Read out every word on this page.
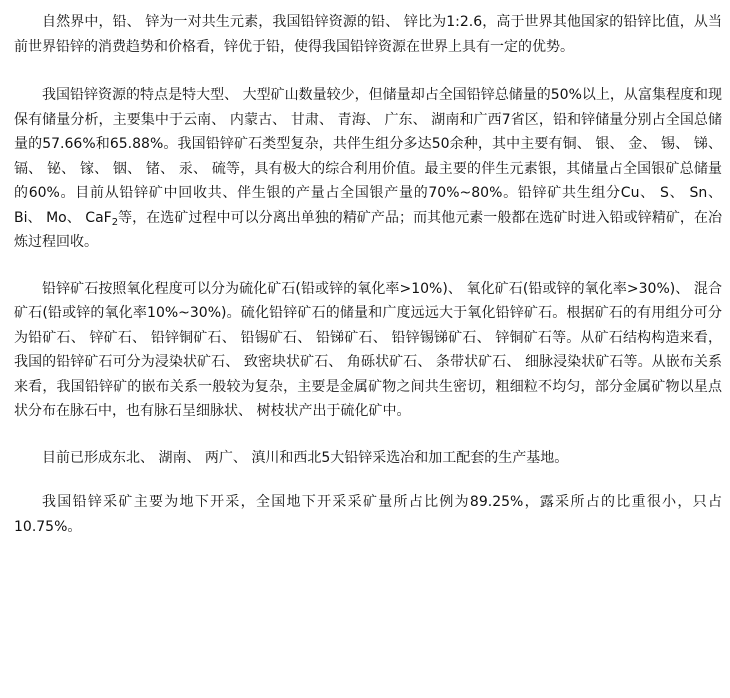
自然界中，铅、 锌为一对共生元素，我国铅锌资源的铅、 锌比为1:2.6，高于世界其他国家的铅锌比值，从当前世界铅锌的消费趋势和价格看，锌优于铅，使得我国铅锌资源在世界上具有一定的优势。

我国铅锌资源的特点是特大型、 大型矿山数量较少，但储量却占全国铅锌总储量的50%以上，从富集程度和现保有储量分析，主要集中于云南、 内蒙古、 甘肃、 青海、 广东、 湖南和广西7省区，铅和锌储量分别占全国总储量的57.66%和65.88%。我国铅锌矿石类型复杂，共伴生组分多达50余种，其中主要有铜、 银、 金、 锡、 锑、 镉、 铋、 镓、 铟、 锗、 汞、 硫等，具有极大的综合利用价值。最主要的伴生元素银，其储量占全国银矿总储量的60%。目前从铅锌矿中回收共、伴生银的产量占全国银产量的70%~80%。铅锌矿共生组分Cu、 S、 Sn、 Bi、 Mo、 CaF$_2$等，在选矿过程中可以分离出单独的精矿产品；而其他元素一般都在选矿时进入铅或锌精矿，在冶炼过程回收。

铅锌矿石按照氧化程度可以分为硫化矿石(铅或锌的氧化率>10%)、 氧化矿石(铅或锌的氧化率>30%)、 混合矿石(铅或锌的氧化率10%~30%)。硫化铅锌矿石的储量和广度远远大于氧化铅锌矿石。根据矿石的有用组分可分为铅矿石、 锌矿石、 铅锌铜矿石、 铅锡矿石、 铅锑矿石、 铅锌锡锑矿石、 锌铜矿石等。从矿石结构构造来看，我国的铅锌矿石可分为浸染状矿石、 致密块状矿石、 角砾状矿石、 条带状矿石、 细脉浸染状矿石等。从嵌布关系来看，我国铅锌矿的嵌布关系一般较为复杂，主要是金属矿物之间共生密切，粗细粒不均匀，部分金属矿物以星点状分布在脉石中，也有脉石呈细脉状、 树枝状产出于硫化矿中。

目前已形成东北、 湖南、 两广、 滇川和西北5大铅锌采选冶和加工配套的生产基地。

我国铅锌采矿主要为地下开采，全国地下开采采矿量所占比例为89.25%，露采所占的比重很小，只占10.75%。
